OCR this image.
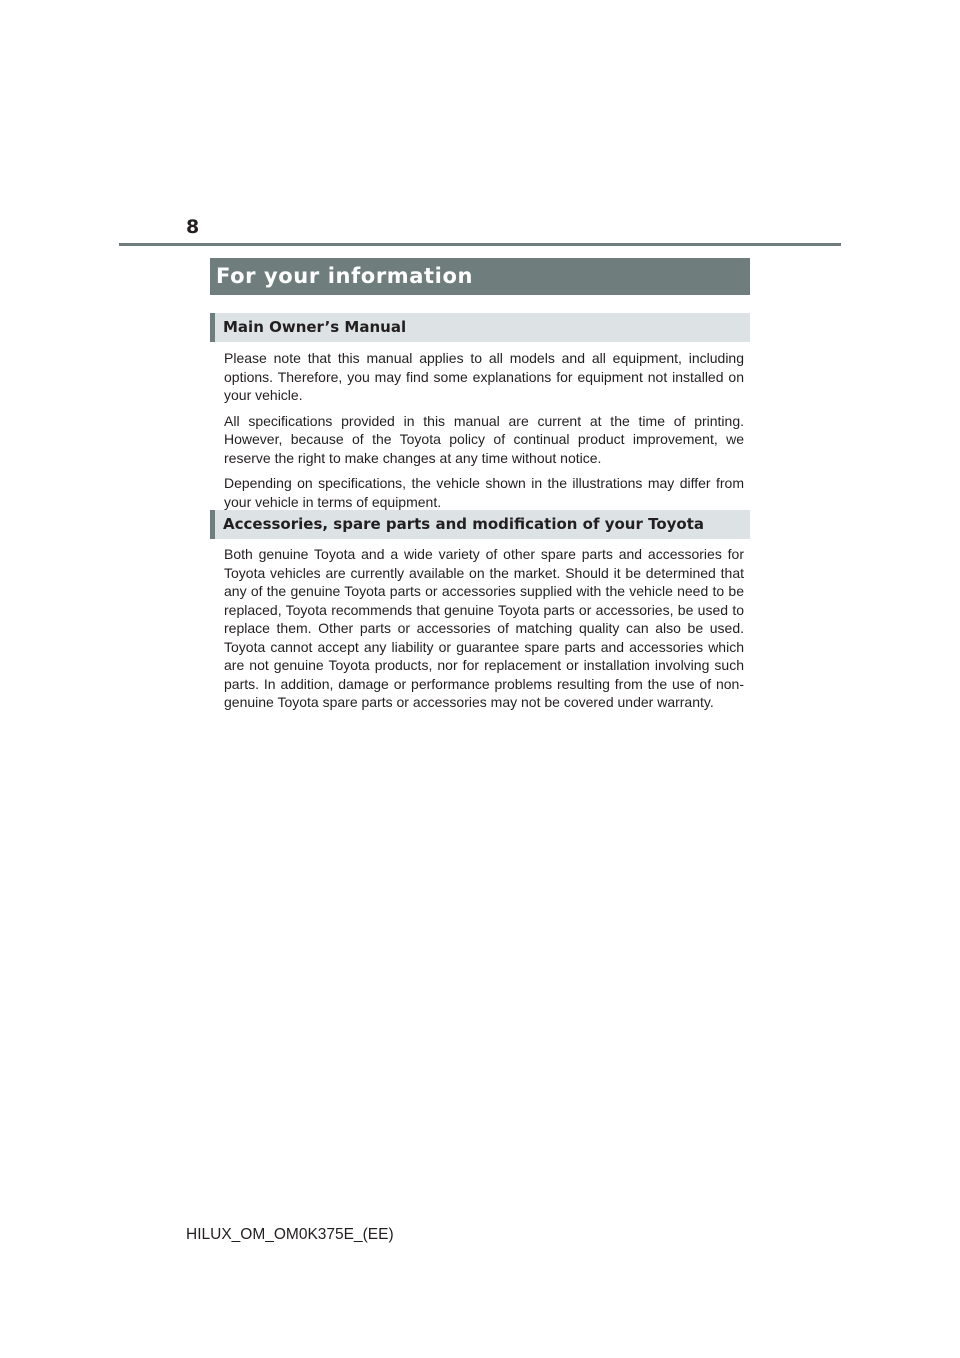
8
For your information
Main Owner’s Manual

Please note that this manual applies to all models and all equipment, including options. Therefore, you may find some explanations for equipment not installed on your vehicle.

All specifications provided in this manual are current at the time of printing. However, because of the Toyota policy of continual product improvement, we reserve the right to make changes at any time without notice.

Depending on specifications, the vehicle shown in the illustrations may differ from your vehicle in terms of equipment.

Accessories, spare parts and modification of your Toyota

Both genuine Toyota and a wide variety of other spare parts and accessories for Toyota vehicles are currently available on the market. Should it be determined that any of the genuine Toyota parts or accessories supplied with the vehicle need to be replaced, Toyota recommends that genuine Toyota parts or accessories, be used to replace them. Other parts or accessories of matching quality can also be used. Toyota cannot accept any liability or guarantee spare parts and accessories which are not genuine Toyota products, nor for replacement or installation involving such parts. In addition, damage or performance problems resulting from the use of non-genuine Toyota spare parts or accessories may not be covered under warranty.

HILUX_OM_OM0K375E_(EE)
